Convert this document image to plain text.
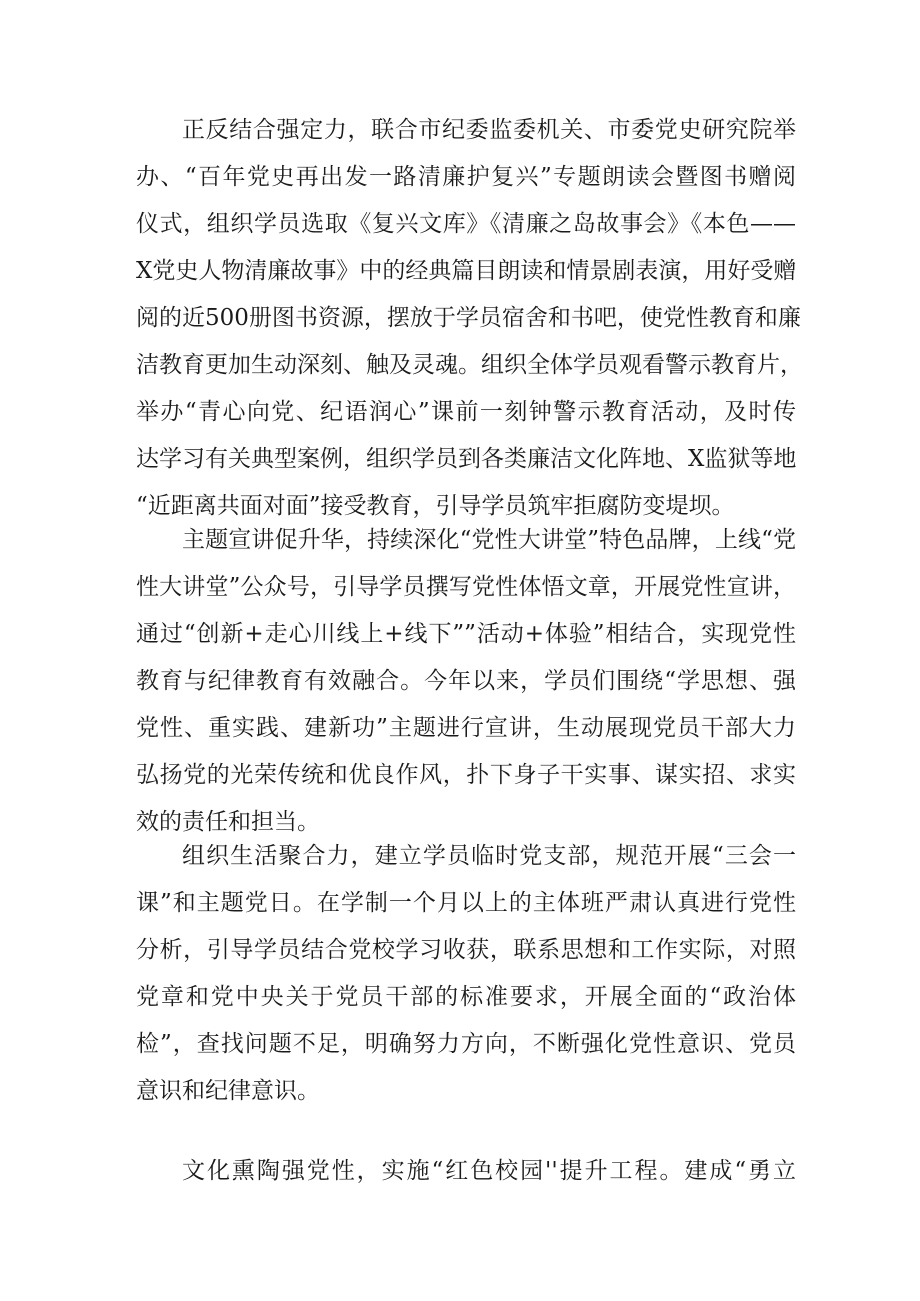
正反结合强定力，联合市纪委监委机关、市委党史研究院举
办、“百年党史再出发一路清廉护复兴”专题朗读会暨图书赠阅
仪式，组织学员选取《复兴文库》《清廉之岛故事会》《本色——
X党史人物清廉故事》中的经典篇目朗读和情景剧表演，用好受赠
阅的近500册图书资源，摆放于学员宿舍和书吧，使党性教育和廉
洁教育更加生动深刻、触及灵魂。组织全体学员观看警示教育片，
举办“青心向党、纪语润心”课前一刻钟警示教育活动，及时传
达学习有关典型案例，组织学员到各类廉洁文化阵地、X监狱等地
“近距离共面对面”接受教育，引导学员筑牢拒腐防变堤坝。
主题宣讲促升华，持续深化“党性大讲堂”特色品牌，上线“党
性大讲堂”公众号，引导学员撰写党性体悟文章，开展党性宣讲，
通过“创新+走心川线上+线下””活动+体验”相结合，实现党性
教育与纪律教育有效融合。今年以来，学员们围绕“学思想、强
党性、重实践、建新功”主题进行宣讲，生动展现党员干部大力
弘扬党的光荣传统和优良作风，扑下身子干实事、谋实招、求实
效的责任和担当。
组织生活聚合力，建立学员临时党支部，规范开展“三会一
课”和主题党日。在学制一个月以上的主体班严肃认真进行党性
分析，引导学员结合党校学习收获，联系思想和工作实际，对照
党章和党中央关于党员干部的标准要求，开展全面的“政治体
检”，查找问题不足，明确努力方向，不断强化党性意识、党员
意识和纪律意识。
文化熏陶强党性，实施“红色校园''提升工程。建成“勇立
